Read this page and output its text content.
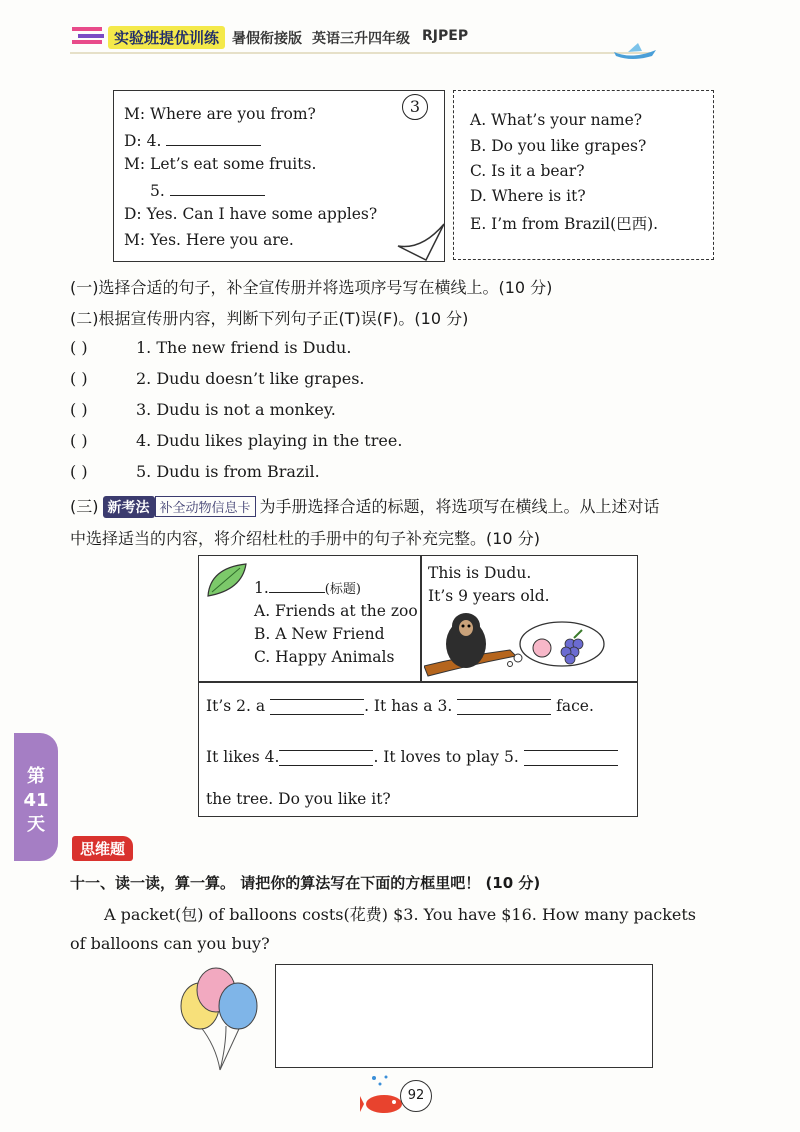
实验班提优训练 暑假衔接版 英语三升四年级 RJPEP
M: Where are you from?
D: 4.
M: Let’s eat some fruits.
5.
D: Yes. Can I have some apples?
M: Yes. Here you are.
3
A. What’s your name?
B. Do you like grapes?
C. Is it a bear?
D. Where is it?
E. I’m from Brazil(巴西).
(一)选择合适的句子，补全宣传册并将选项序号写在横线上。(10 分)
(二)根据宣传册内容，判断下列句子正(T)误(F)。(10 分)
( )	1. The new friend is Dudu.
( )	2. Dudu doesn’t like grapes.
( )	3. Dudu is not a monkey.
( )	4. Dudu likes playing in the tree.
( )	5. Dudu is from Brazil.
(三) 新考法 补全动物信息卡 为手册选择合适的标题，将选项写在横线上。从上述对话
中选择适当的内容，将介绍杜杜的手册中的句子补充完整。(10 分)
1.	(标题)
A. Friends at the zoo
B. A New Friend
C. Happy Animals
This is Dudu.
It’s 9 years old.
It’s 2. a	. It has a 3.	face.
It likes 4.	. It loves to play 5.
the tree. Do you like it?
第
41
天
思维题
十一、读一读，算一算。 请把你的算法写在下面的方框里吧！ (10 分)
A packet(包) of balloons costs(花费) $3. You have $16. How many packets
of balloons can you buy?
92
